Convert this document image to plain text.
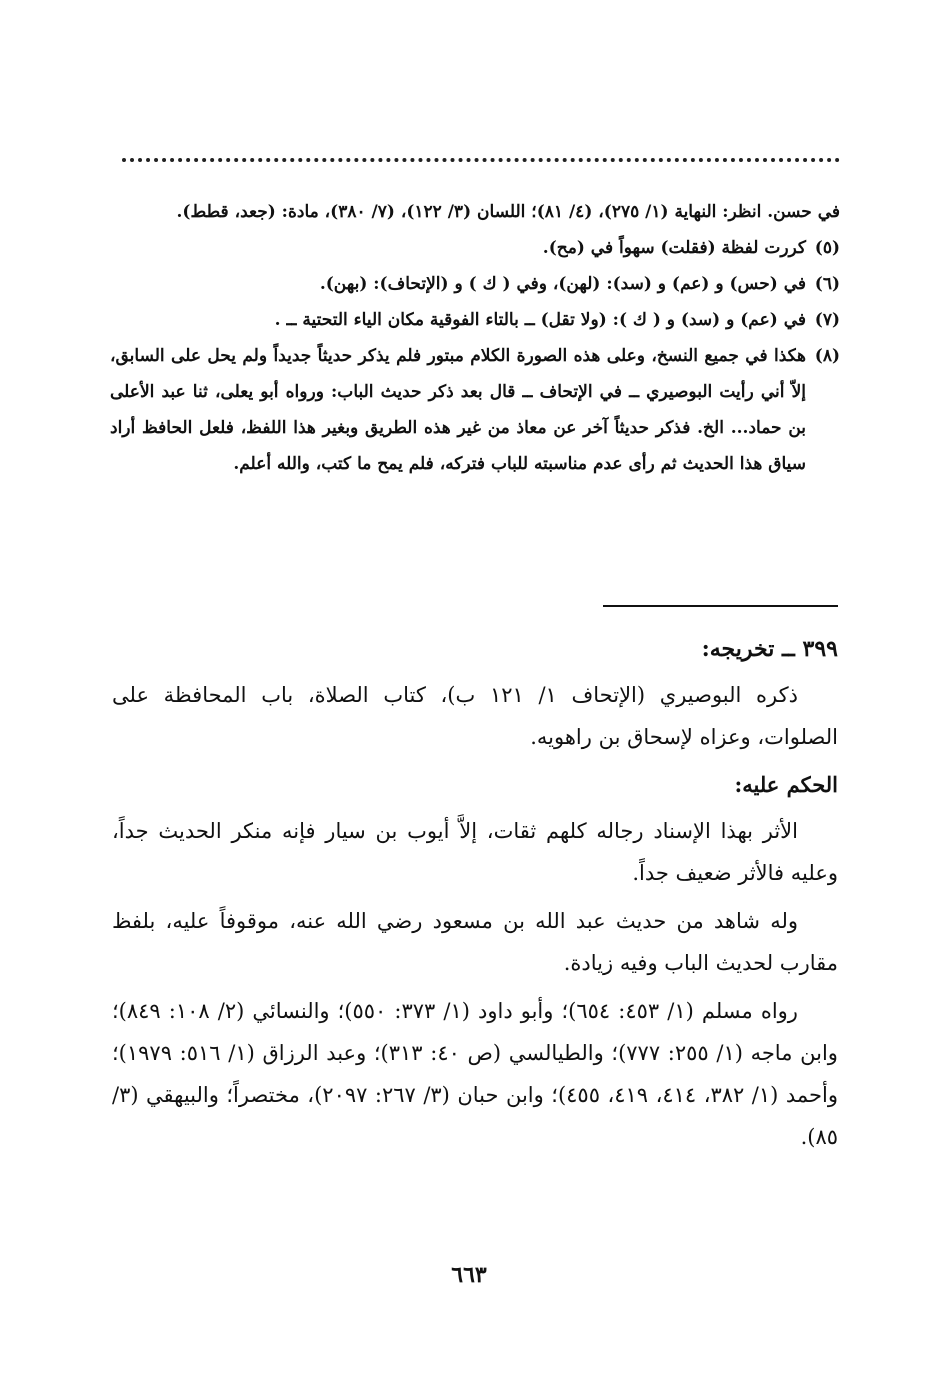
في حسن. انظر: النهاية (١/ ٢٧٥)، (٤/ ٨١)؛ اللسان (٣/ ١٢٢)، (٧/ ٣٨٠)، مادة: (جعد، قطط).
(٥)
كررت لفظة (فقلت) سهواً في (مح).
(٦)
في (حس) و (عم) و (سد): (لهن)، وفي ( ك ) و (الإتحاف): (بهن).
(٧)
في (عم) و (سد) و ( ك ): (ولا تقل) ــ بالتاء الفوقية مكان الياء التحتية ــ .
(٨)
هكذا في جميع النسخ، وعلى هذه الصورة الكلام مبتور فلم يذكر حديثاً جديداً ولم يحل على السابق، إلاّ أني رأيت البوصيري ــ في الإتحاف ــ قال بعد ذكر حديث الباب: ورواه أبو يعلى، ثنا عبد الأعلى بن حماد... الخ. فذكر حديثاً آخر عن معاذ من غير هذه الطريق وبغير هذا اللفظ، فلعل الحافظ أراد سياق هذا الحديث ثم رأى عدم مناسبته للباب فتركه، فلم يمح ما كتب، والله أعلم.
٣٩٩ ــ تخريجه:

ذكره البوصيري (الإتحاف ١/ ١٢١ ب)، كتاب الصلاة، باب المحافظة على الصلوات، وعزاه لإسحاق بن راهويه.

الحكم عليه:

الأثر بهذا الإسناد رجاله كلهم ثقات، إلاَّ أيوب بن سيار فإنه منكر الحديث جداً، وعليه فالأثر ضعيف جداً.

وله شاهد من حديث عبد الله بن مسعود رضي الله عنه، موقوفاً عليه، بلفظ مقارب لحديث الباب وفيه زيادة.

رواه مسلم (١/ ٤٥٣: ٦٥٤)؛ وأبو داود (١/ ٣٧٣: ٥٥٠)؛ والنسائي (٢/ ١٠٨: ٨٤٩)؛ وابن ماجه (١/ ٢٥٥: ٧٧٧)؛ والطيالسي (ص ٤٠: ٣١٣)؛ وعبد الرزاق (١/ ٥١٦: ١٩٧٩)؛ وأحمد (١/ ٣٨٢، ٤١٤، ٤١٩، ٤٥٥)؛ وابن حبان (٣/ ٢٦٧: ٢٠٩٧)، مختصراً؛ والبيهقي (٣/ ٨٥).

٦٦٣
